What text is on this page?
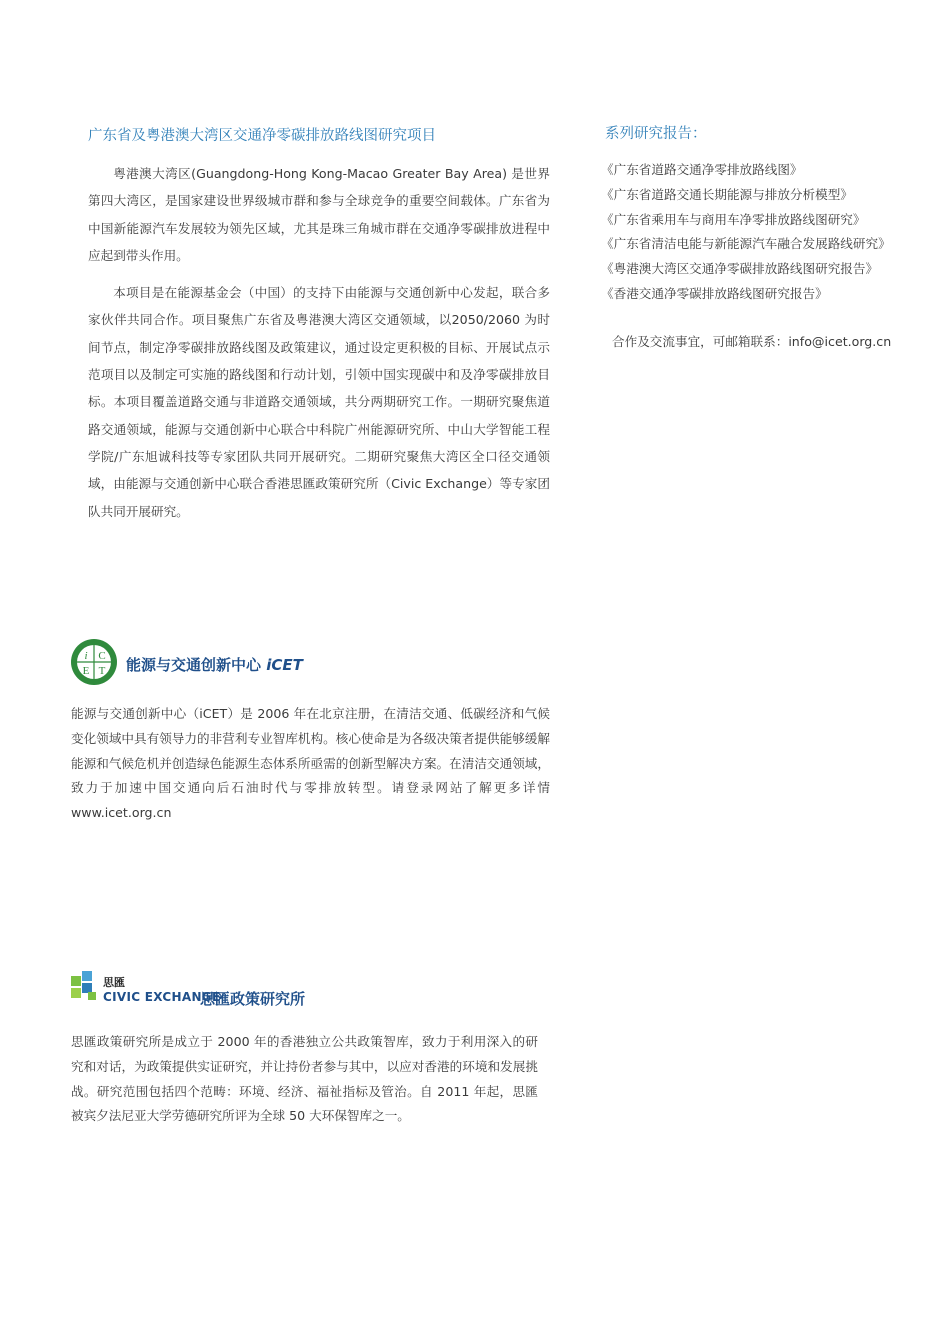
广东省及粤港澳大湾区交通净零碳排放路线图研究项目

粤港澳大湾区(Guangdong-Hong Kong-Macao Greater Bay Area) 是世界第四大湾区，是国家建设世界级城市群和参与全球竞争的重要空间载体。广东省为中国新能源汽车发展较为领先区域，尤其是珠三角城市群在交通净零碳排放进程中应起到带头作用。

本项目是在能源基金会（中国）的支持下由能源与交通创新中心发起，联合多家伙伴共同合作。项目聚焦广东省及粤港澳大湾区交通领域，以2050/2060 为时间节点，制定净零碳排放路线图及政策建议，通过设定更积极的目标、开展试点示范项目以及制定可实施的路线图和行动计划，引领中国实现碳中和及净零碳排放目标。本项目覆盖道路交通与非道路交通领域，共分两期研究工作。一期研究聚焦道路交通领域，能源与交通创新中心联合中科院广州能源研究所、中山大学智能工程学院/广东旭诚科技等专家团队共同开展研究。二期研究聚焦大湾区全口径交通领域，由能源与交通创新中心联合香港思匯政策研究所（Civic Exchange）等专家团队共同开展研究。

系列研究报告：
《广东省道路交通净零排放路线图》
《广东省道路交通长期能源与排放分析模型》
《广东省乘用车与商用车净零排放路线图研究》
《广东省清洁电能与新能源汽车融合发展路线研究》
《粤港澳大湾区交通净零碳排放路线图研究报告》
《香港交通净零碳排放路线图研究报告》
合作及交流事宜，可邮箱联系：info@icet.org.cn
i C
E T 能源与交通创新中心 iCET

能源与交通创新中心（iCET）是 2006 年在北京注册，在清洁交通、低碳经济和气候变化领域中具有领导力的非营利专业智库机构。核心使命是为各级决策者提供能够缓解能源和气候危机并创造绿色能源生态体系所亟需的创新型解决方案。在清洁交通领域，致力于加速中国交通向后石油时代与零排放转型。请登录网站了解更多详情 www.icet.org.cn

思匯
CIVIC EXCHANGE
思匯政策研究所

思匯政策研究所是成立于 2000 年的香港独立公共政策智库，致力于利用深入的研究和对话，为政策提供实证研究，并让持份者参与其中，以应对香港的环境和发展挑战。研究范围包括四个范畴：环境、经济、福祉指标及管治。自 2011 年起，思匯被宾夕法尼亚大学劳德研究所评为全球 50 大环保智库之一。
